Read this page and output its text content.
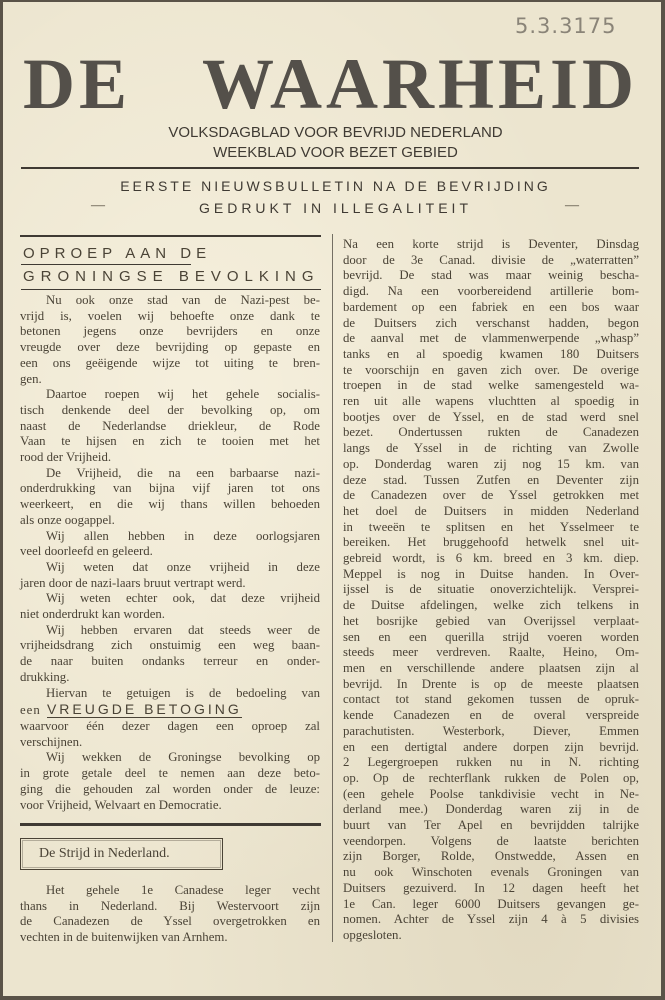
5.3.3175
DE WAARHEID
VOLKSDAGBLAD VOOR BEVRIJD NEDERLAND
WEEKBLAD VOOR BEZET GEBIED
EERSTE NIEUWSBULLETIN NA DE BEVRIJDING
GEDRUKT IN ILLEGALITEIT
—	—
OPROEP AAN DE
GRONINGSE BEVOLKING
Nu ook onze stad van de Nazi-pest be-
vrijd is, voelen wij behoefte onze dank te
betonen jegens onze bevrijders en onze
vreugde over deze bevrijding op gepaste en
een ons geëigende wijze tot uiting te bren-
gen.
Daartoe roepen wij het gehele socialis-
tisch denkende deel der bevolking op, om
naast de Nederlandse driekleur, de Rode
Vaan te hijsen en zich te tooien met het
rood der Vrijheid.
De Vrijheid, die na een barbaarse nazi-
onderdrukking van bijna vijf jaren tot ons
weerkeert, en die wij thans willen behoeden
als onze oogappel.
Wij allen hebben in deze oorlogsjaren
veel doorleefd en geleerd.
Wij weten dat onze vrijheid in deze
jaren door de nazi-laars bruut vertrapt werd.
Wij weten echter ook, dat deze vrijheid
niet onderdrukt kan worden.
Wij hebben ervaren dat steeds weer de
vrijheidsdrang zich onstuimig een weg baan-
de naar buiten ondanks terreur en onder-
drukking.
Hiervan te getuigen is de bedoeling van
een VREUGDE BETOGING
waarvoor één dezer dagen een oproep zal
verschijnen.
Wij wekken de Groningse bevolking op
in grote getale deel te nemen aan deze beto-
ging die gehouden zal worden onder de leuze:
voor Vrijheid, Welvaart en Democratie.
De Strijd in Nederland.
Het gehele 1e Canadese leger vecht
thans in Nederland. Bij Westervoort zijn
de Canadezen de Yssel overgetrokken en
vechten in de buitenwijken van Arnhem.
Na een korte strijd is Deventer, Dinsdag
door de 3e Canad. divisie de „waterratten”
bevrijd. De stad was maar weinig bescha-
digd. Na een voorbereidend artillerie bom-
bardement op een fabriek en een bos waar
de Duitsers zich verschanst hadden, begon
de aanval met de vlammenwerpende „whasp”
tanks en al spoedig kwamen 180 Duitsers
te voorschijn en gaven zich over. De overige
troepen in de stad welke samengesteld wa-
ren uit alle wapens vluchtten al spoedig in
bootjes over de Yssel, en de stad werd snel
bezet. Ondertussen rukten de Canadezen
langs de Yssel in de richting van Zwolle
op. Donderdag waren zij nog 15 km. van
deze stad. Tussen Zutfen en Deventer zijn
de Canadezen over de Yssel getrokken met
het doel de Duitsers in midden Nederland
in tweeën te splitsen en het Ysselmeer te
bereiken. Het bruggehoofd hetwelk snel uit-
gebreid wordt, is 6 km. breed en 3 km. diep.
Meppel is nog in Duitse handen. In Over-
ijssel is de situatie onoverzichtelijk. Versprei-
de Duitse afdelingen, welke zich telkens in
het bosrijke gebied van Overijssel verplaat-
sen en een querilla strijd voeren worden
steeds meer verdreven. Raalte, Heino, Om-
men en verschillende andere plaatsen zijn al
bevrijd. In Drente is op de meeste plaatsen
contact tot stand gekomen tussen de opruk-
kende Canadezen en de overal verspreide
parachutisten. Westerbork, Diever, Emmen
en een dertigtal andere dorpen zijn bevrijd.
2 Legergroepen rukken nu in N. richting
op. Op de rechterflank rukken de Polen op,
(een gehele Poolse tankdivisie vecht in Ne-
derland mee.) Donderdag waren zij in de
buurt van Ter Apel en bevrijdden talrijke
veendorpen. Volgens de laatste berichten
zijn Borger, Rolde, Onstwedde, Assen en
nu ook Winschoten evenals Groningen van
Duitsers gezuiverd. In 12 dagen heeft het
1e Can. leger 6000 Duitsers gevangen ge-
nomen. Achter de Yssel zijn 4 à 5 divisies
opgesloten.
